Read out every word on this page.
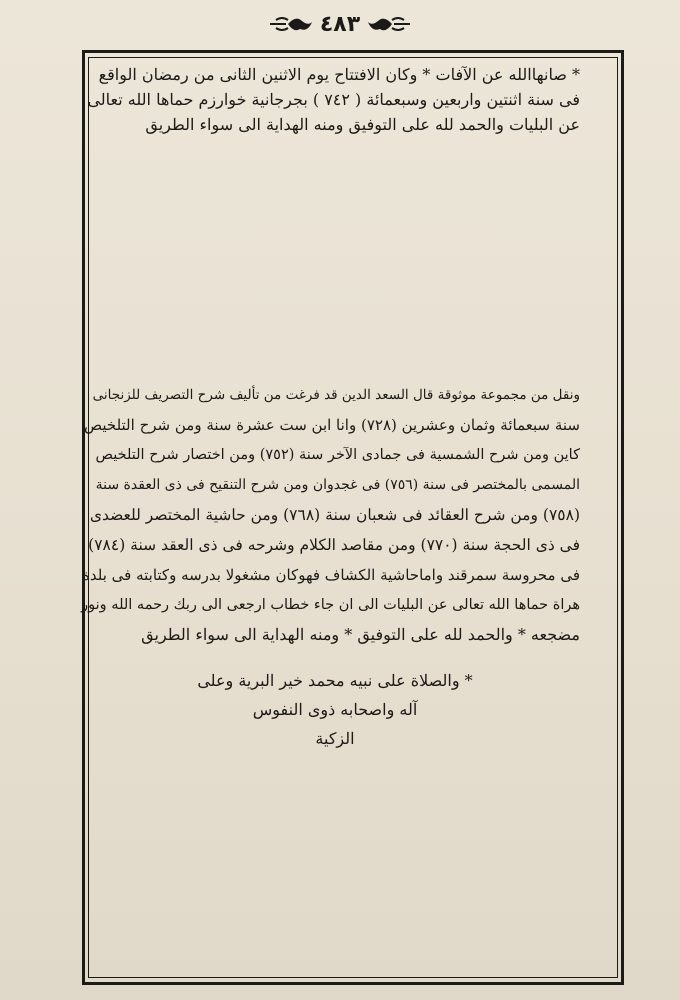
٤٨٣
* صانهاالله عن الآفات * وكان الافتتاح يوم الاثنين الثانى من رمضان الواقع
فى سنة اثنتين واربعين وسبعمائة ( ٧٤٢ ) بجرجانية خوارزم حماها الله تعالى
عن البليات والحمد لله على التوفيق ومنه الهداية الى سواء الطريق
ونقل من مجموعة موثوقة قال السعد الدين قد فرغت من تأليف شرح التصريف للزنجانى
سنة سبعمائة وثمان وعشرين (٧٢٨) وانا ابن ست عشرة سنة ومن شرح التلخيص
كاين ومن شرح الشمسية فى جمادى الآخر سنة (٧٥٢) ومن اختصار شرح التلخيص
المسمى بالمختصر فى سنة (٧٥٦) فى غجدوان ومن شرح التنقيح فى ذى العقدة سنة
(٧٥٨) ومن شرح العقائد فى شعبان سنة (٧٦٨) ومن حاشية المختصر للعضدى
فى ذى الحجة سنة (٧٧٠) ومن مقاصد الكلام وشرحه فى ذى العقد سنة (٧٨٤)
فى محروسة سمرقند واماحاشية الكشاف فهوكان مشغولا بدرسه وكتابته فى بلدة
هراة حماها الله تعالى عن البليات الى ان جاء خطاب ارجعى الى ربك رحمه الله ونور
مضجعه * والحمد لله على التوفيق * ومنه الهداية الى سواء الطريق
* والصلاة على نبيه محمد خير البرية وعلى
آله واصحابه ذوى النفوس
الزكية
